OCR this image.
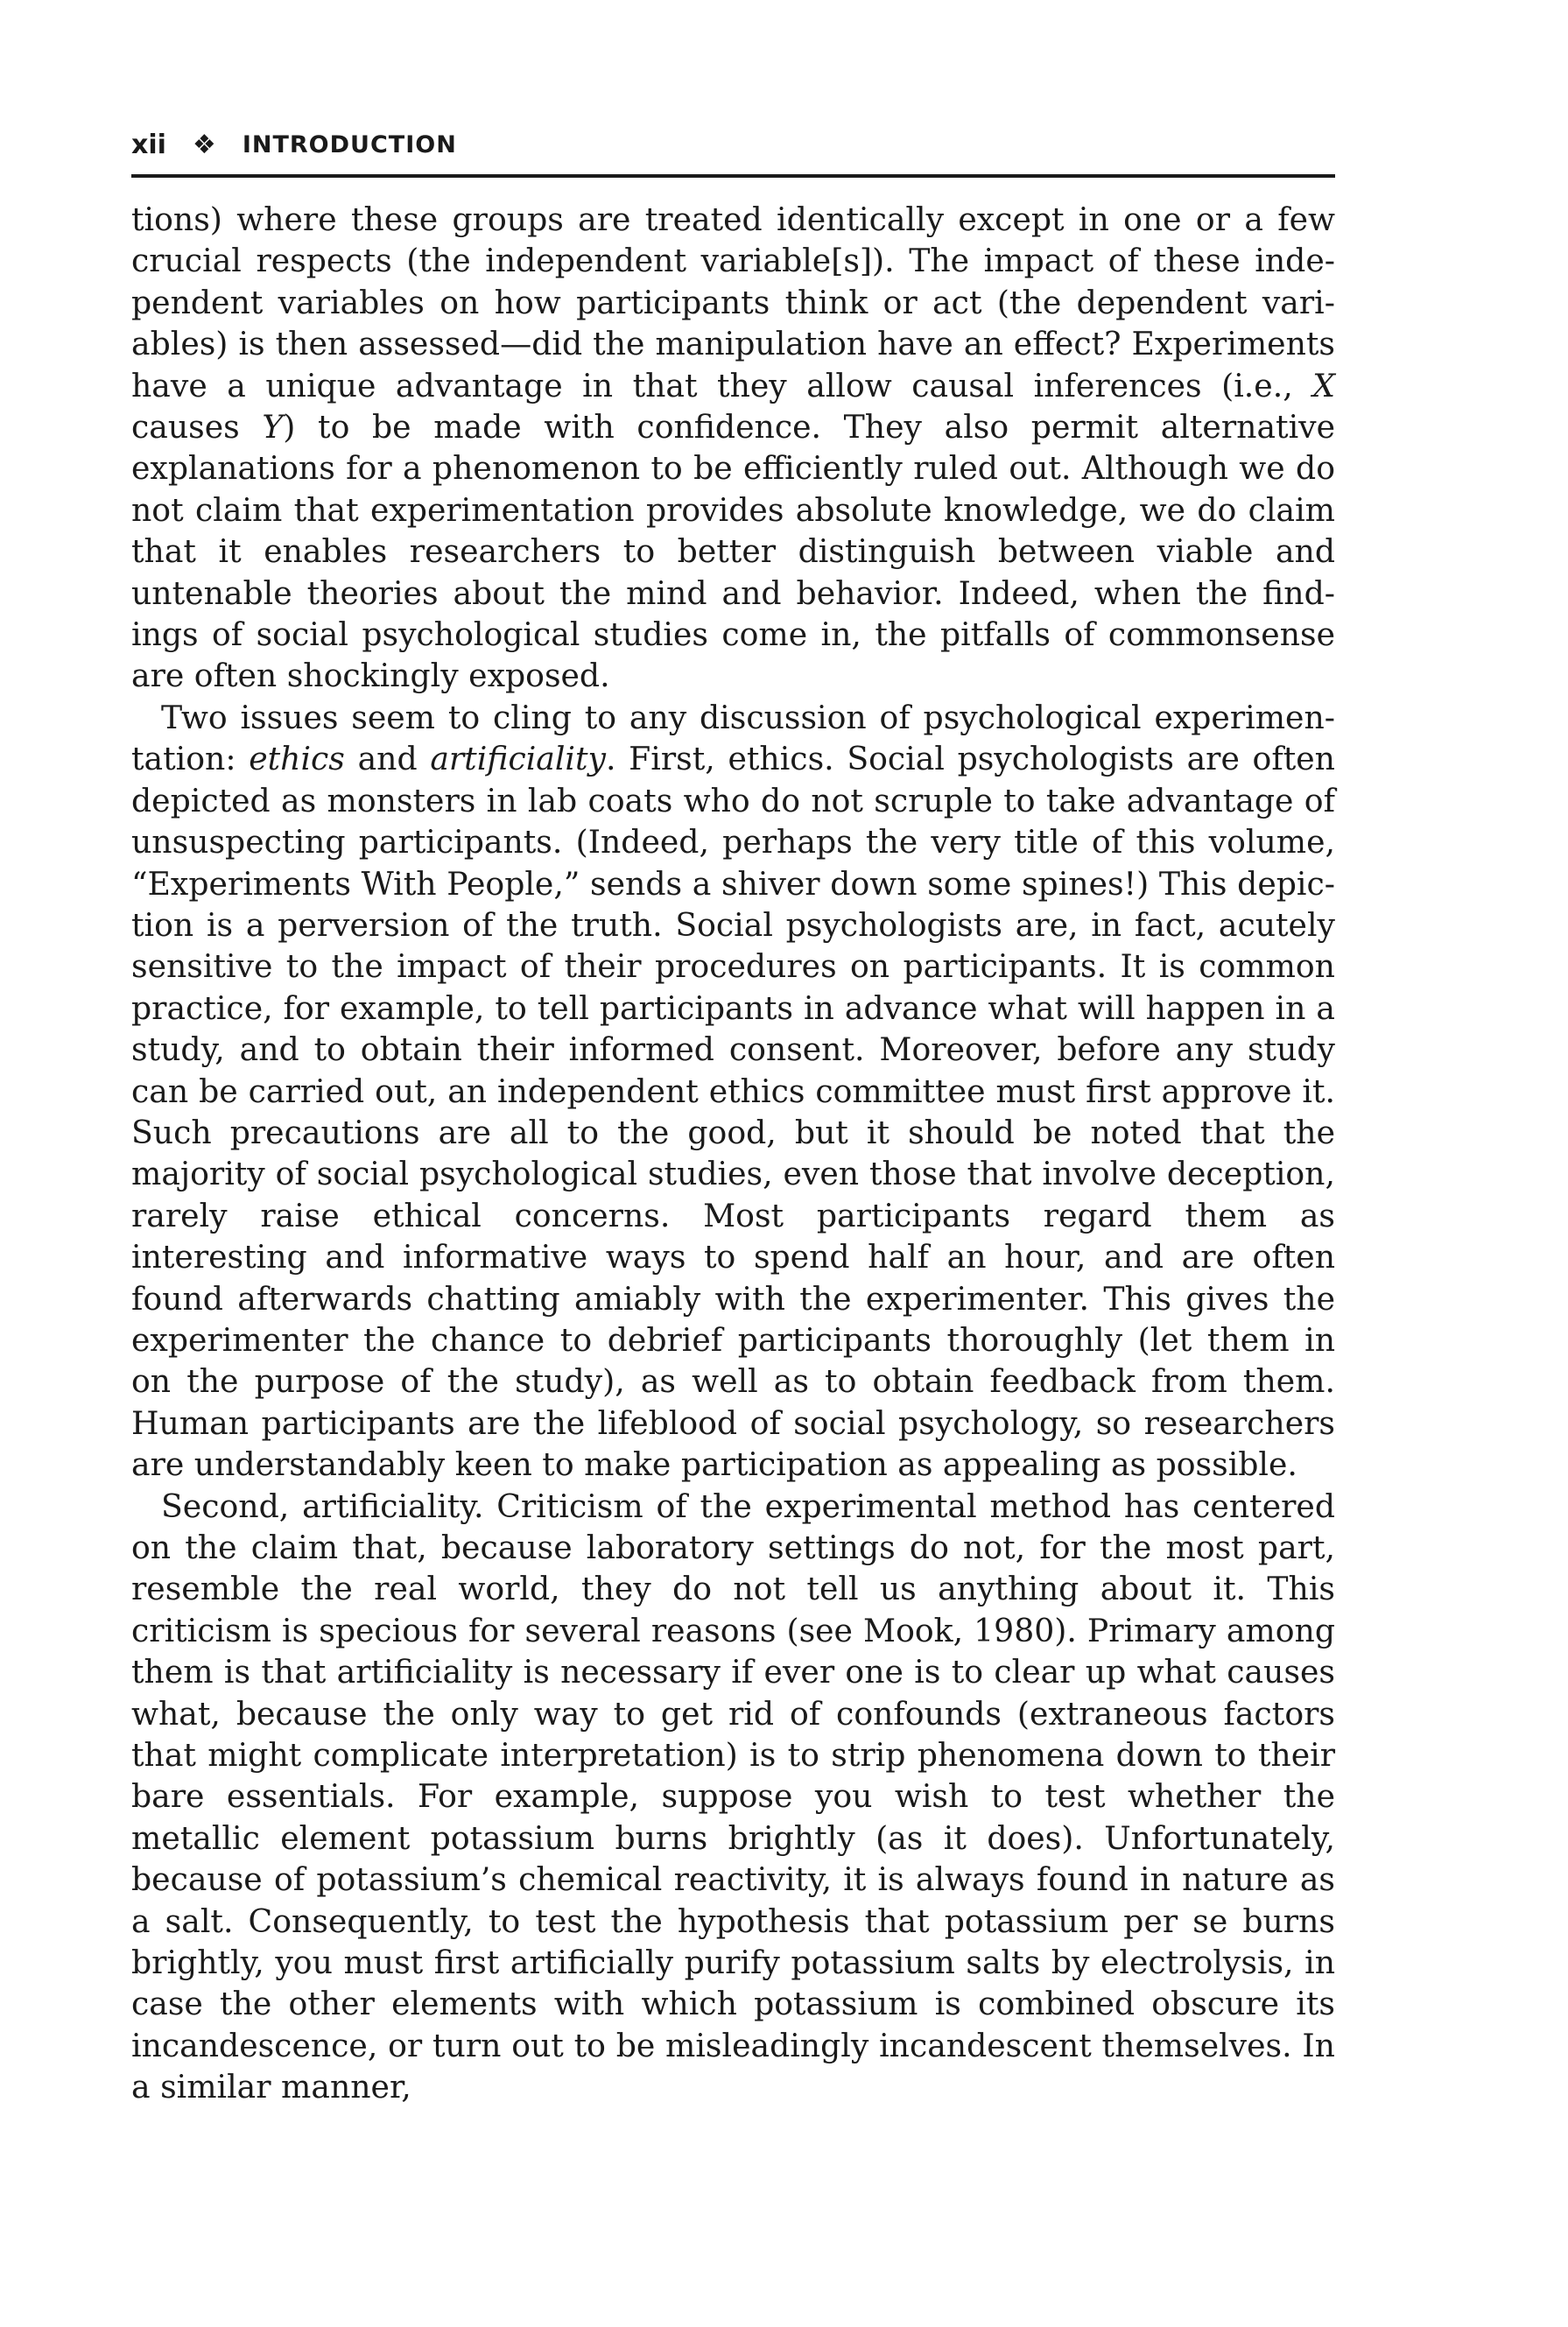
xii ❖ INTRODUCTION

tions) where these groups are treated identically except in one or a few crucial respects (the independent variable[s]). The impact of these independent variables on how participants think or act (the dependent variables) is then assessed—did the manipulation have an effect? Experiments have a unique advantage in that they allow causal inferences (i.e., X causes Y) to be made with confidence. They also permit alternative explanations for a phenomenon to be efficiently ruled out. Although we do not claim that experimentation provides absolute knowledge, we do claim that it enables researchers to better distinguish between viable and untenable theories about the mind and behavior. Indeed, when the findings of social psychological studies come in, the pitfalls of commonsense are often shockingly exposed.

Two issues seem to cling to any discussion of psychological experimentation: ethics and artificiality. First, ethics. Social psychologists are often depicted as monsters in lab coats who do not scruple to take advantage of unsuspecting participants. (Indeed, perhaps the very title of this volume, “Experiments With People,” sends a shiver down some spines!) This depiction is a perversion of the truth. Social psychologists are, in fact, acutely sensitive to the impact of their procedures on participants. It is common practice, for example, to tell participants in advance what will happen in a study, and to obtain their informed consent. Moreover, before any study can be carried out, an independent ethics committee must first approve it. Such precautions are all to the good, but it should be noted that the majority of social psychological studies, even those that involve deception, rarely raise ethical concerns. Most participants regard them as interesting and informative ways to spend half an hour, and are often found afterwards chatting amiably with the experimenter. This gives the experimenter the chance to debrief participants thoroughly (let them in on the purpose of the study), as well as to obtain feedback from them. Human participants are the lifeblood of social psychology, so researchers are understandably keen to make participation as appealing as possible.

Second, artificiality. Criticism of the experimental method has centered on the claim that, because laboratory settings do not, for the most part, resemble the real world, they do not tell us anything about it. This criticism is specious for several reasons (see Mook, 1980). Primary among them is that artificiality is necessary if ever one is to clear up what causes what, because the only way to get rid of confounds (extraneous factors that might complicate interpretation) is to strip phenomena down to their bare essentials. For example, suppose you wish to test whether the metallic element potassium burns brightly (as it does). Unfortunately, because of potassium’s chemical reactivity, it is always found in nature as a salt. Consequently, to test the hypothesis that potassium per se burns brightly, you must first artificially purify potassium salts by electrolysis, in case the other elements with which potassium is combined obscure its incandescence, or turn out to be misleadingly incandescent themselves. In a similar manner,
